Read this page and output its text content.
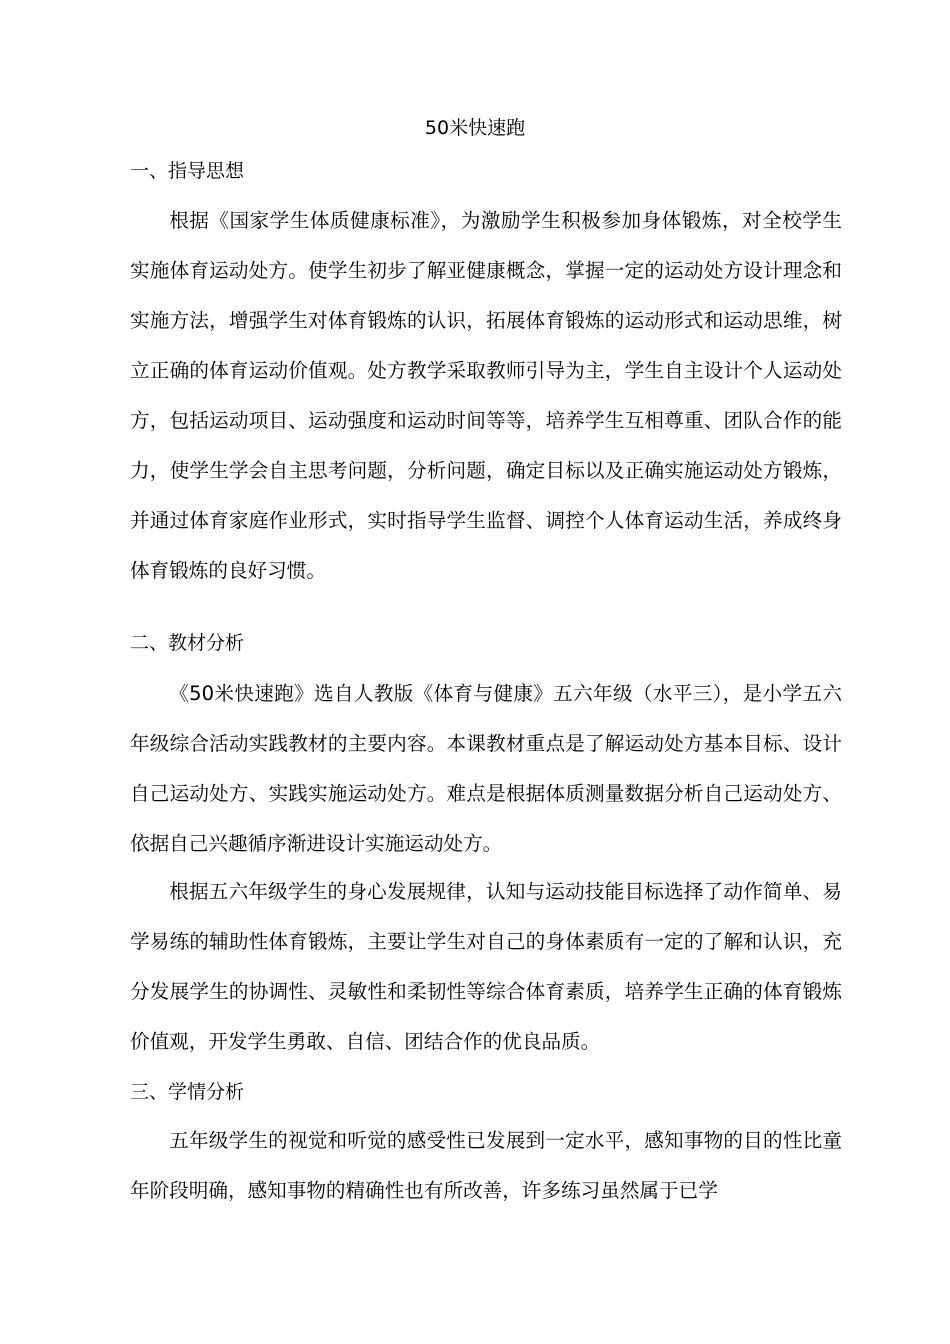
50米快速跑
一、指导思想

根据《国家学生体质健康标准》，为激励学生积极参加身体锻炼，对全校学生实施体育运动处方。使学生初步了解亚健康概念，掌握一定的运动处方设计理念和实施方法，增强学生对体育锻炼的认识，拓展体育锻炼的运动形式和运动思维，树立正确的体育运动价值观。处方教学采取教师引导为主，学生自主设计个人运动处方，包括运动项目、运动强度和运动时间等等，培养学生互相尊重、团队合作的能力，使学生学会自主思考问题，分析问题，确定目标以及正确实施运动处方锻炼，并通过体育家庭作业形式，实时指导学生监督、调控个人体育运动生活，养成终身体育锻炼的良好习惯。

二、教材分析

《50米快速跑》选自人教版《体育与健康》五六年级（水平三），是小学五六年级综合活动实践教材的主要内容。本课教材重点是了解运动处方基本目标、设计自己运动处方、实践实施运动处方。难点是根据体质测量数据分析自己运动处方、依据自己兴趣循序渐进设计实施运动处方。

根据五六年级学生的身心发展规律，认知与运动技能目标选择了动作简单、易学易练的辅助性体育锻炼，主要让学生对自己的身体素质有一定的了解和认识，充分发展学生的协调性、灵敏性和柔韧性等综合体育素质，培养学生正确的体育锻炼价值观，开发学生勇敢、自信、团结合作的优良品质。

三、学情分析

五年级学生的视觉和听觉的感受性已发展到一定水平，感知事物的目的性比童年阶段明确，感知事物的精确性也有所改善，许多练习虽然属于已学
